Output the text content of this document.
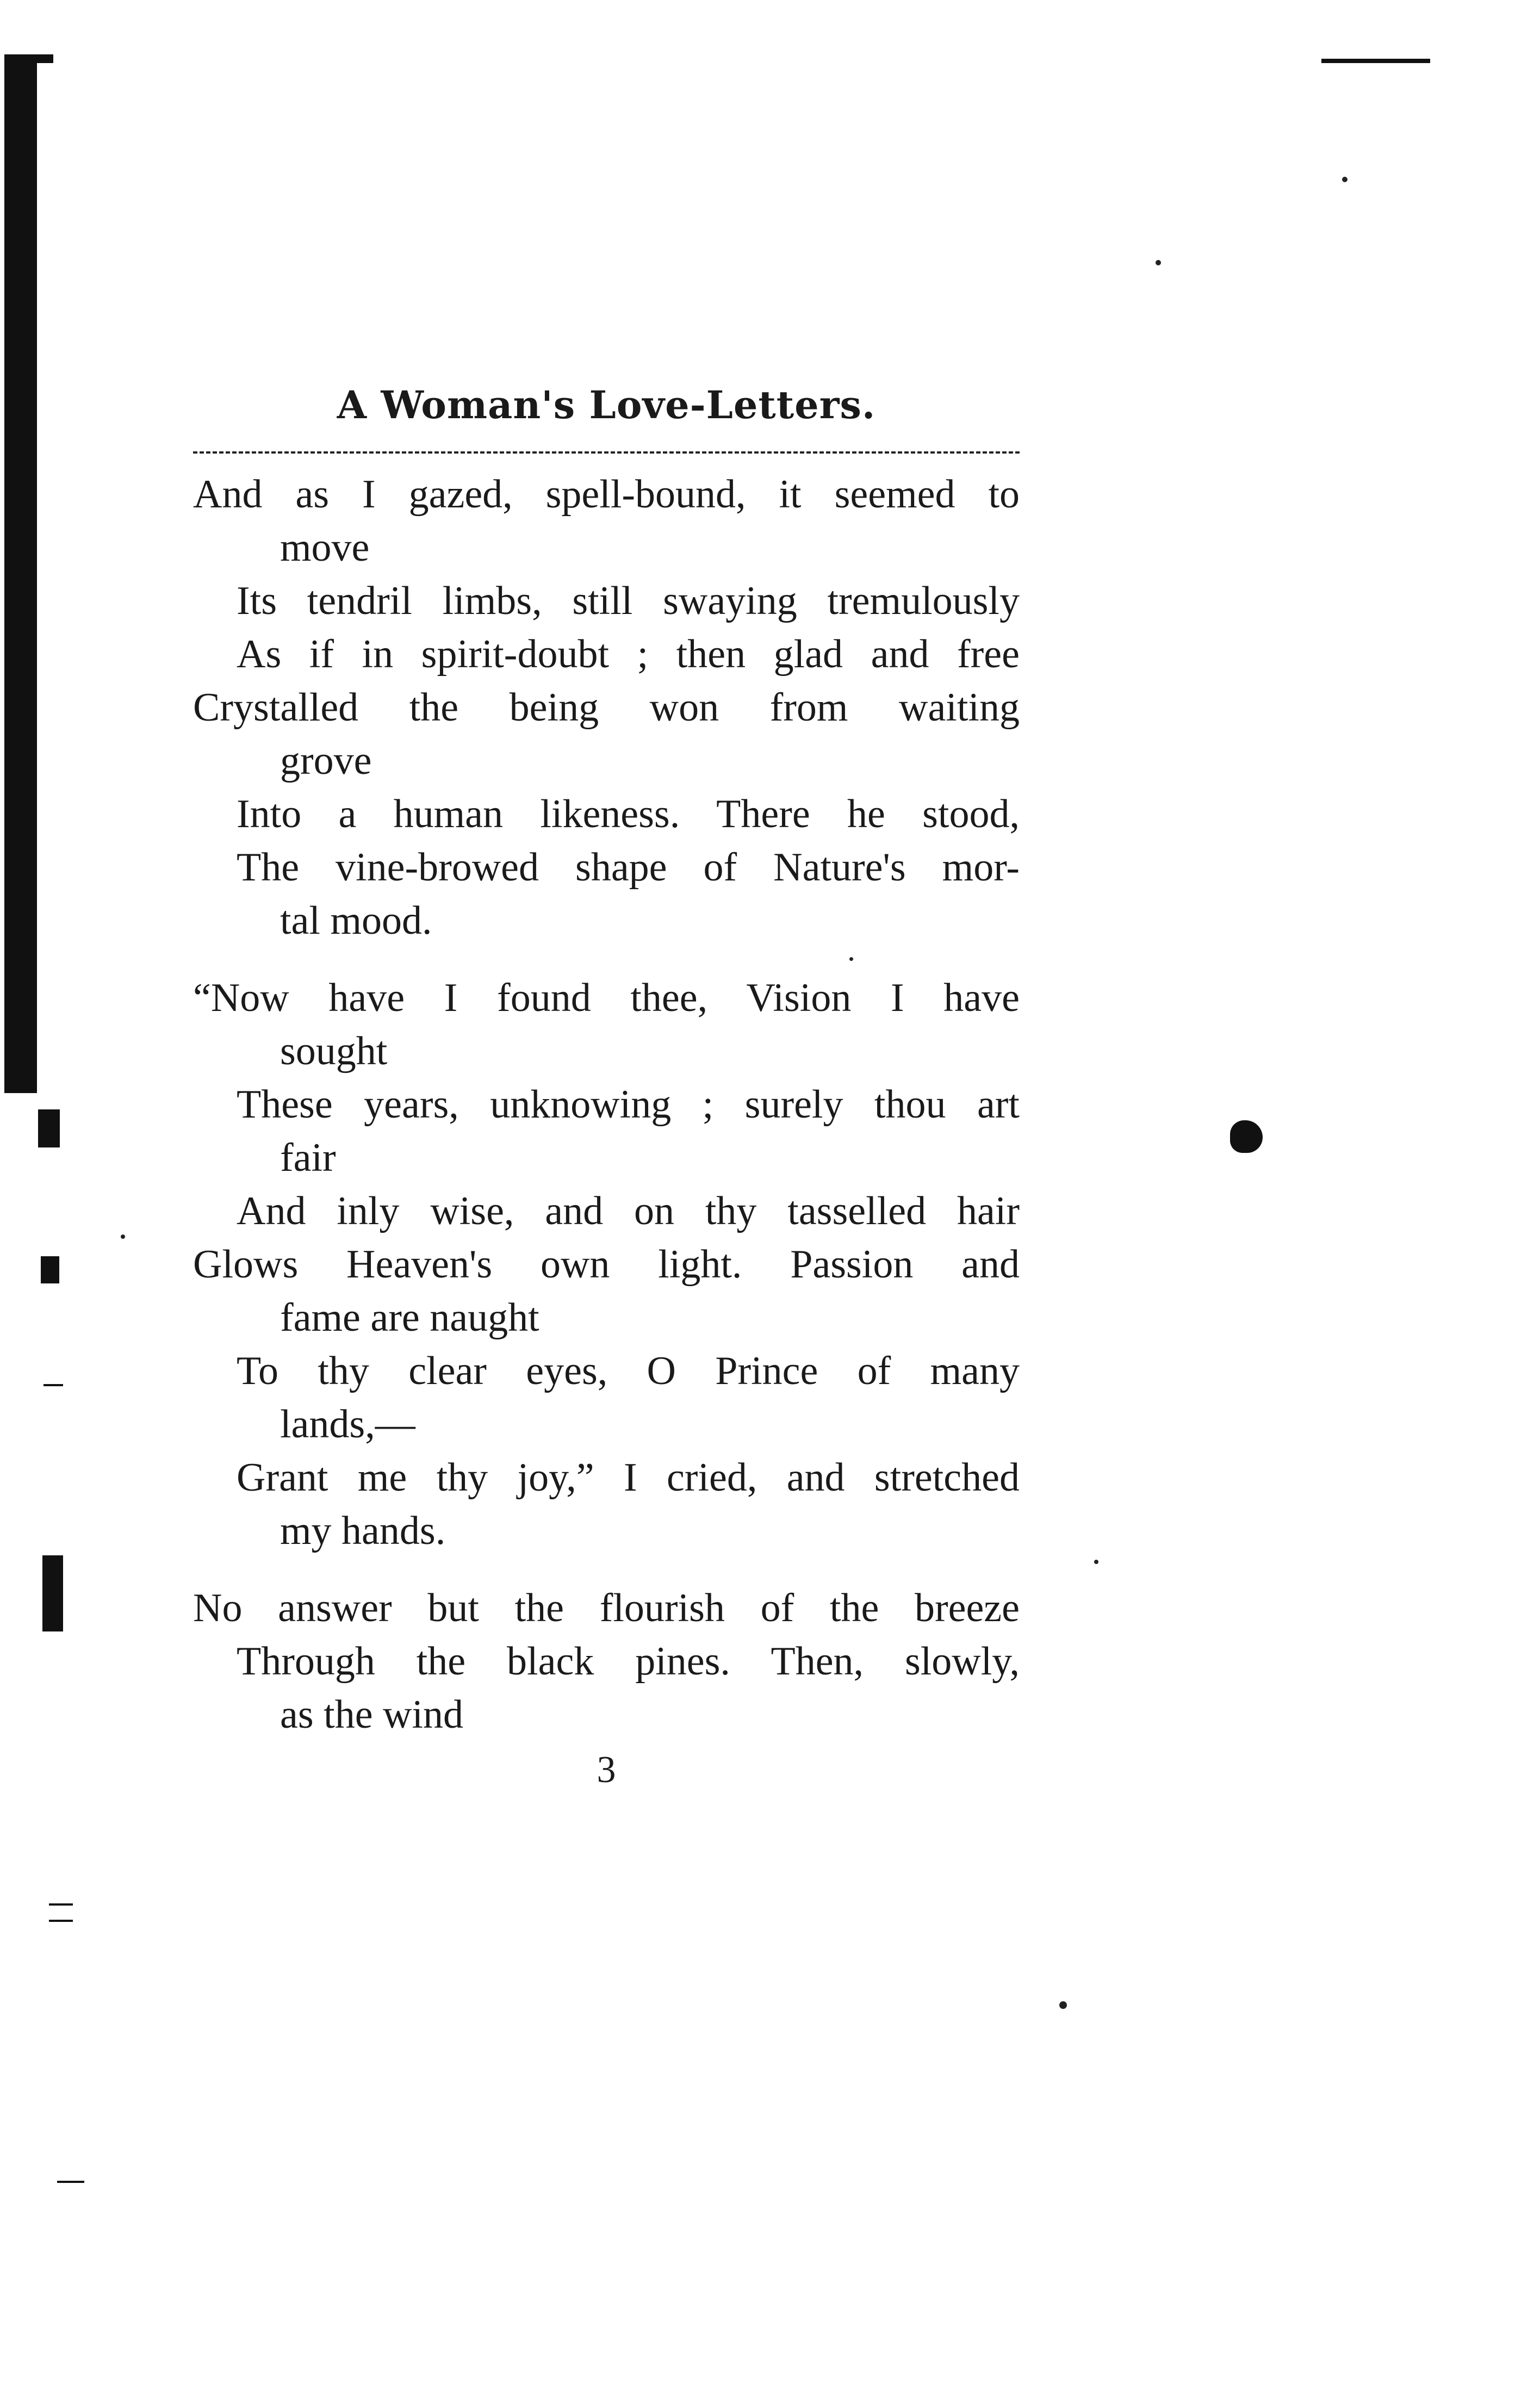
A Woman's Love-Letters.
And as I gazed, spell-bound, it seemed to
move
Its tendril limbs, still swaying tremulously
As if in spirit-doubt ; then glad and free
Crystalled the being won from waiting
grove
Into a human likeness. There he stood,
The vine-browed shape of Nature's mor-
tal mood.
“Now have I found thee, Vision I have
sought
These years, unknowing ; surely thou art
fair
And inly wise, and on thy tasselled hair
Glows Heaven's own light. Passion and
fame are naught
To thy clear eyes, O Prince of many
lands,—
Grant me thy joy,” I cried, and stretched
my hands.
No answer but the flourish of the breeze
Through the black pines. Then, slowly,
as the wind
3
